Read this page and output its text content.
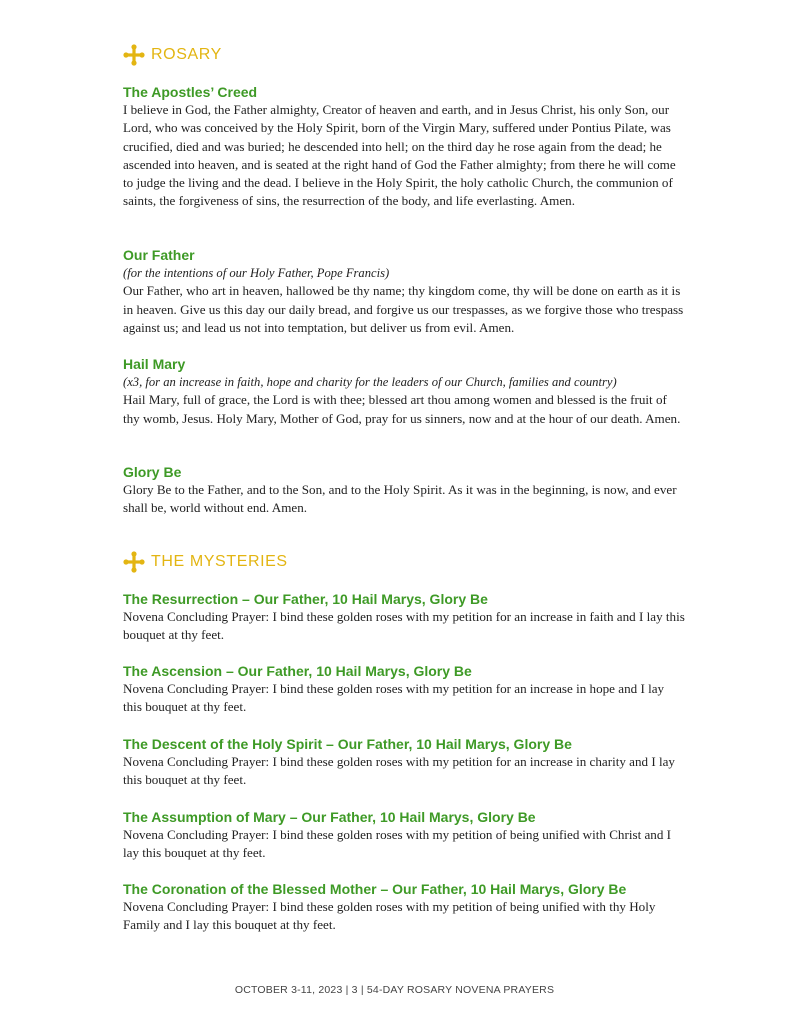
ROSARY

The Apostles’ Creed

I believe in God, the Father almighty, Creator of heaven and earth, and in Jesus Christ, his only Son, our Lord, who was conceived by the Holy Spirit, born of the Virgin Mary, suffered under Pontius Pilate, was crucified, died and was buried; he descended into hell; on the third day he rose again from the dead; he ascended into heaven, and is seated at the right hand of God the Father almighty; from there he will come to judge the living and the dead. I believe in the Holy Spirit, the holy catholic Church, the communion of saints, the forgiveness of sins, the resurrection of the body, and life everlasting. Amen.

Our Father

(for the intentions of our Holy Father, Pope Francis)

Our Father, who art in heaven, hallowed be thy name; thy kingdom come, thy will be done on earth as it is in heaven. Give us this day our daily bread, and forgive us our trespasses, as we forgive those who trespass against us; and lead us not into temptation, but deliver us from evil. Amen.

Hail Mary

(x3, for an increase in faith, hope and charity for the leaders of our Church, families and country)

Hail Mary, full of grace, the Lord is with thee; blessed art thou among women and blessed is the fruit of thy womb, Jesus. Holy Mary, Mother of God, pray for us sinners, now and at the hour of our death. Amen.

Glory Be

Glory Be to the Father, and to the Son, and to the Holy Spirit. As it was in the beginning, is now, and ever shall be, world without end. Amen.

THE MYSTERIES

The Resurrection – Our Father, 10 Hail Marys, Glory Be

Novena Concluding Prayer: I bind these golden roses with my petition for an increase in faith and I lay this bouquet at thy feet.

The Ascension – Our Father, 10 Hail Marys, Glory Be

Novena Concluding Prayer: I bind these golden roses with my petition for an increase in hope and I lay this bouquet at thy feet.

The Descent of the Holy Spirit – Our Father, 10 Hail Marys, Glory Be

Novena Concluding Prayer: I bind these golden roses with my petition for an increase in charity and I lay this bouquet at thy feet.

The Assumption of Mary – Our Father, 10 Hail Marys, Glory Be

Novena Concluding Prayer: I bind these golden roses with my petition of being unified with Christ and I lay this bouquet at thy feet.

The Coronation of the Blessed Mother – Our Father, 10 Hail Marys, Glory Be

Novena Concluding Prayer: I bind these golden roses with my petition of being unified with thy Holy Family and I lay this bouquet at thy feet.

OCTOBER 3-11, 2023 | 3 | 54-DAY ROSARY NOVENA PRAYERS
